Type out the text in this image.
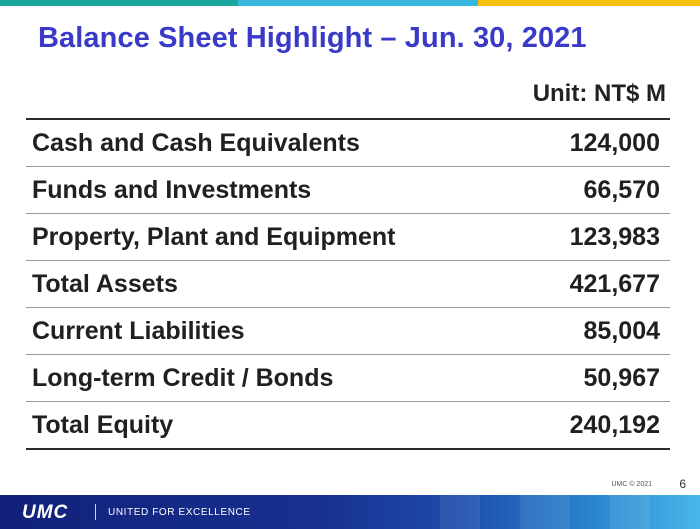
Balance Sheet Highlight – Jun. 30, 2021
Unit: NT$ M
Cash and Cash Equivalents	124,000
Funds and Investments	66,570
Property, Plant and Equipment	123,983
Total Assets	421,677
Current Liabilities	85,004
Long-term Credit / Bonds	50,967
Total Equity	240,192
UMC © 2021 6
UMC	UNITED FOR EXCELLENCE
